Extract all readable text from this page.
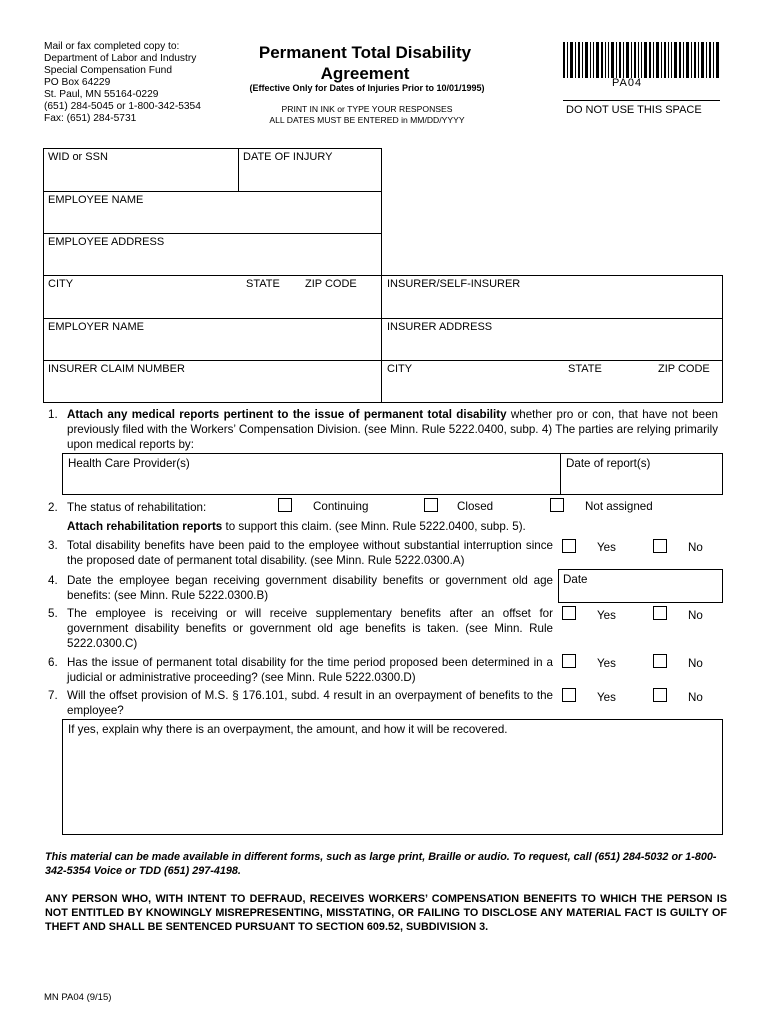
Mail or fax completed copy to:
Department of Labor and Industry
Special Compensation Fund
PO Box 64229
St. Paul, MN 55164-0229
(651) 284-5045 or 1-800-342-5354
Fax: (651) 284-5731
Permanent Total Disability
Agreement
(Effective Only for Dates of Injuries Prior to 10/01/1995)
PRINT IN INK or TYPE YOUR RESPONSES
ALL DATES MUST BE ENTERED in MM/DD/YYYY
PA04
DO NOT USE THIS SPACE
WID or SSN	DATE OF INJURY
EMPLOYEE NAME
EMPLOYEE ADDRESS
CITY	STATE ZIP CODE	INSURER/SELF-INSURER
EMPLOYER NAME	INSURER ADDRESS
INSURER CLAIM NUMBER	CITY	STATE	ZIP CODE
1. Attach any medical reports pertinent to the issue of permanent total disability whether pro or con, that have not been previously filed with the Workers’ Compensation Division. (see Minn. Rule 5222.0400, subp. 4) The parties are relying primarily upon medical reports by:
Health Care Provider(s)	Date of report(s)
2. The status of rehabilitation:	Continuing	Closed	Not assigned
Attach rehabilitation reports to support this claim. (see Minn. Rule 5222.0400, subp. 5).
3. Total disability benefits have been paid to the employee without substantial interruption since the proposed date of permanent total disability. (see Minn. Rule 5222.0300.A)
Yes	No
4. Date the employee began receiving government disability benefits or government old age benefits: (see Minn. Rule 5222.0300.B)
Date
5. The employee is receiving or will receive supplementary benefits after an offset for government disability benefits or government old age benefits is taken. (see Minn. Rule 5222.0300.C)
Yes	No
6. Has the issue of permanent total disability for the time period proposed been determined in a judicial or administrative proceeding? (see Minn. Rule 5222.0300.D)
Yes	No
7. Will the offset provision of M.S. § 176.101, subd. 4 result in an overpayment of benefits to the employee?
Yes	No
If yes, explain why there is an overpayment, the amount, and how it will be recovered.
This material can be made available in different forms, such as large print, Braille or audio. To request, call (651) 284-5032 or 1-800-342-5354 Voice or TDD (651) 297-4198.
ANY PERSON WHO, WITH INTENT TO DEFRAUD, RECEIVES WORKERS’ COMPENSATION BENEFITS TO WHICH THE PERSON IS NOT ENTITLED BY KNOWINGLY MISREPRESENTING, MISSTATING, OR FAILING TO DISCLOSE ANY MATERIAL FACT IS GUILTY OF THEFT AND SHALL BE SENTENCED PURSUANT TO SECTION 609.52, SUBDIVISION 3.
MN PA04 (9/15)
